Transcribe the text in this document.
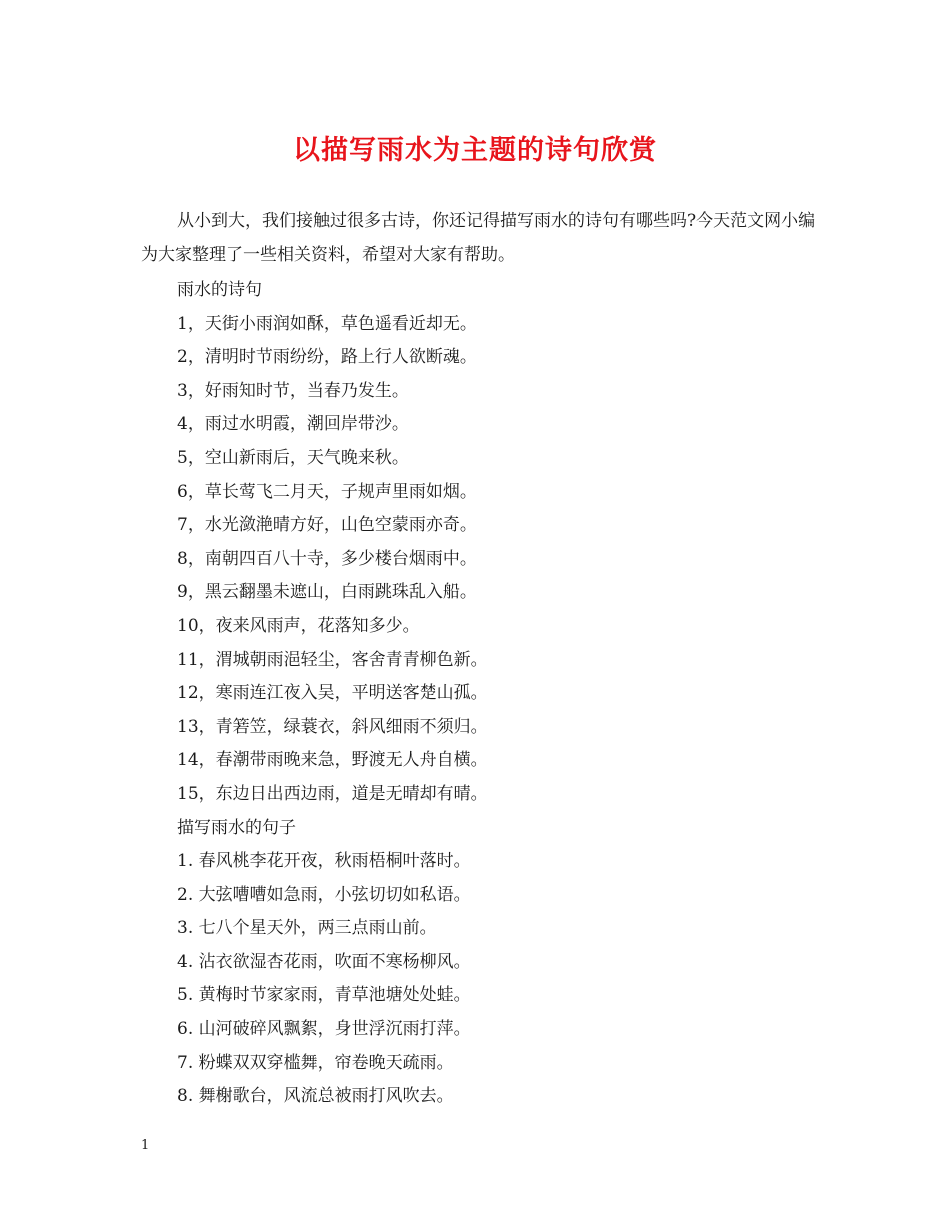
以描写雨水为主题的诗句欣赏
从小到大，我们接触过很多古诗，你还记得描写雨水的诗句有哪些吗?今天范文网小编为大家整理了一些相关资料，希望对大家有帮助。
雨水的诗句
1，天街小雨润如酥，草色遥看近却无。
2，清明时节雨纷纷，路上行人欲断魂。
3，好雨知时节，当春乃发生。
4，雨过水明霞，潮回岸带沙。
5，空山新雨后，天气晚来秋。
6，草长莺飞二月天，子规声里雨如烟。
7，水光潋滟晴方好，山色空蒙雨亦奇。
8，南朝四百八十寺，多少楼台烟雨中。
9，黑云翻墨未遮山，白雨跳珠乱入船。
10，夜来风雨声，花落知多少。
11，渭城朝雨浥轻尘，客舍青青柳色新。
12，寒雨连江夜入吴，平明送客楚山孤。
13，青箬笠，绿蓑衣，斜风细雨不须归。
14，春潮带雨晚来急，野渡无人舟自横。
15，东边日出西边雨，道是无晴却有晴。
描写雨水的句子
1. 春风桃李花开夜，秋雨梧桐叶落时。
2. 大弦嘈嘈如急雨，小弦切切如私语。
3. 七八个星天外，两三点雨山前。
4. 沾衣欲湿杏花雨，吹面不寒杨柳风。
5. 黄梅时节家家雨，青草池塘处处蛙。
6. 山河破碎风飘絮，身世浮沉雨打萍。
7. 粉蝶双双穿槛舞，帘卷晚天疏雨。
8. 舞榭歌台，风流总被雨打风吹去。
1
